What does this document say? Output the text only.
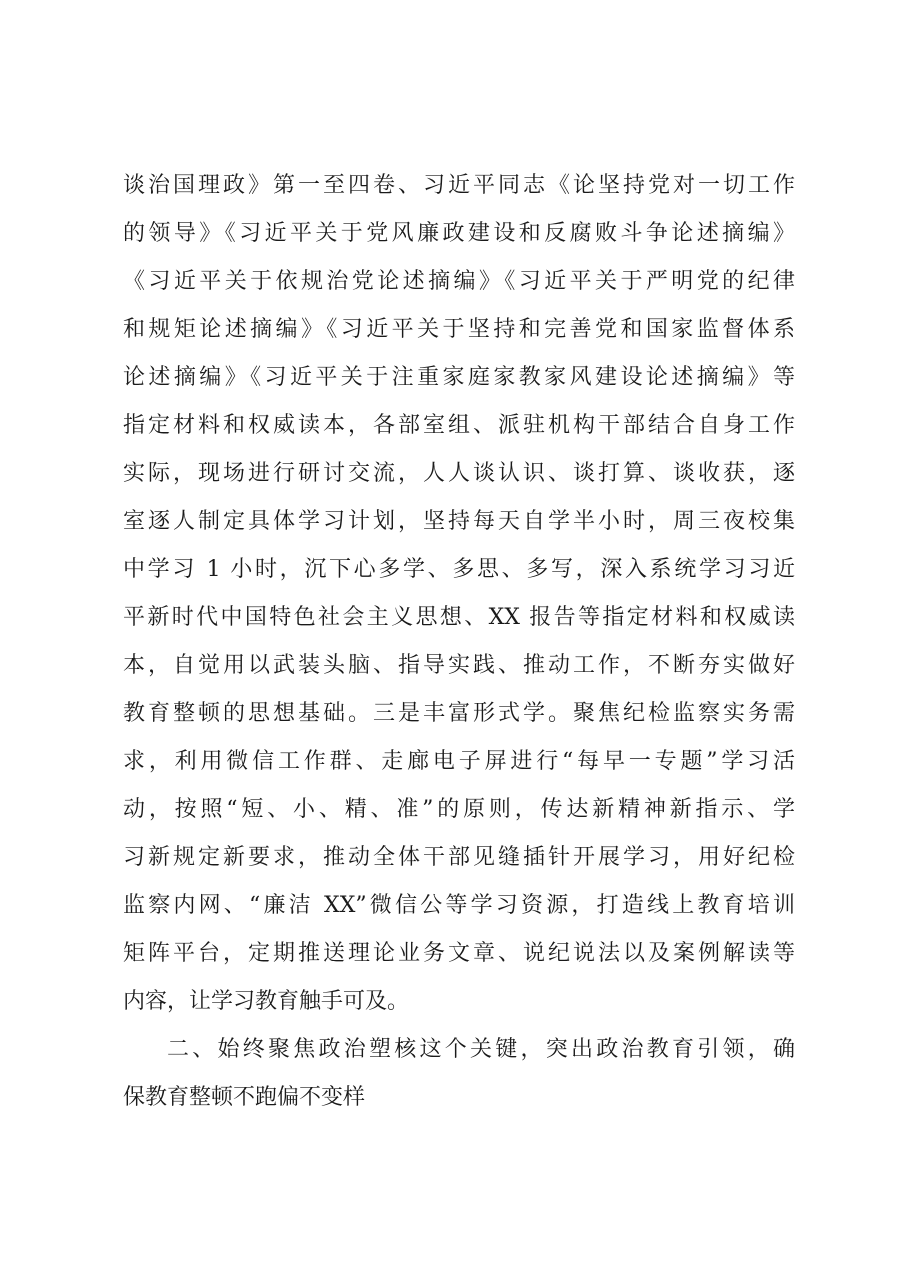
谈治国理政》第一至四卷、习近平同志《论坚持党对一切工作
的领导》《习近平关于党风廉政建设和反腐败斗争论述摘编》
《习近平关于依规治党论述摘编》《习近平关于严明党的纪律
和规矩论述摘编》《习近平关于坚持和完善党和国家监督体系
论述摘编》《习近平关于注重家庭家教家风建设论述摘编》等
指定材料和权威读本，各部室组、派驻机构干部结合自身工作
实际，现场进行研讨交流，人人谈认识、谈打算、谈收获，逐
室逐人制定具体学习计划，坚持每天自学半小时，周三夜校集
中学习 1 小时，沉下心多学、多思、多写，深入系统学习习近
平新时代中国特色社会主义思想、XX 报告等指定材料和权威读
本，自觉用以武装头脑、指导实践、推动工作，不断夯实做好
教育整顿的思想基础。三是丰富形式学。聚焦纪检监察实务需
求，利用微信工作群、走廊电子屏进行“每早一专题”学习活
动，按照“短、小、精、准”的原则，传达新精神新指示、学
习新规定新要求，推动全体干部见缝插针开展学习，用好纪检
监察内网、“廉洁 XX”微信公等学习资源，打造线上教育培训
矩阵平台，定期推送理论业务文章、说纪说法以及案例解读等
内容，让学习教育触手可及。
二、始终聚焦政治塑核这个关键，突出政治教育引领，确
保教育整顿不跑偏不变样
